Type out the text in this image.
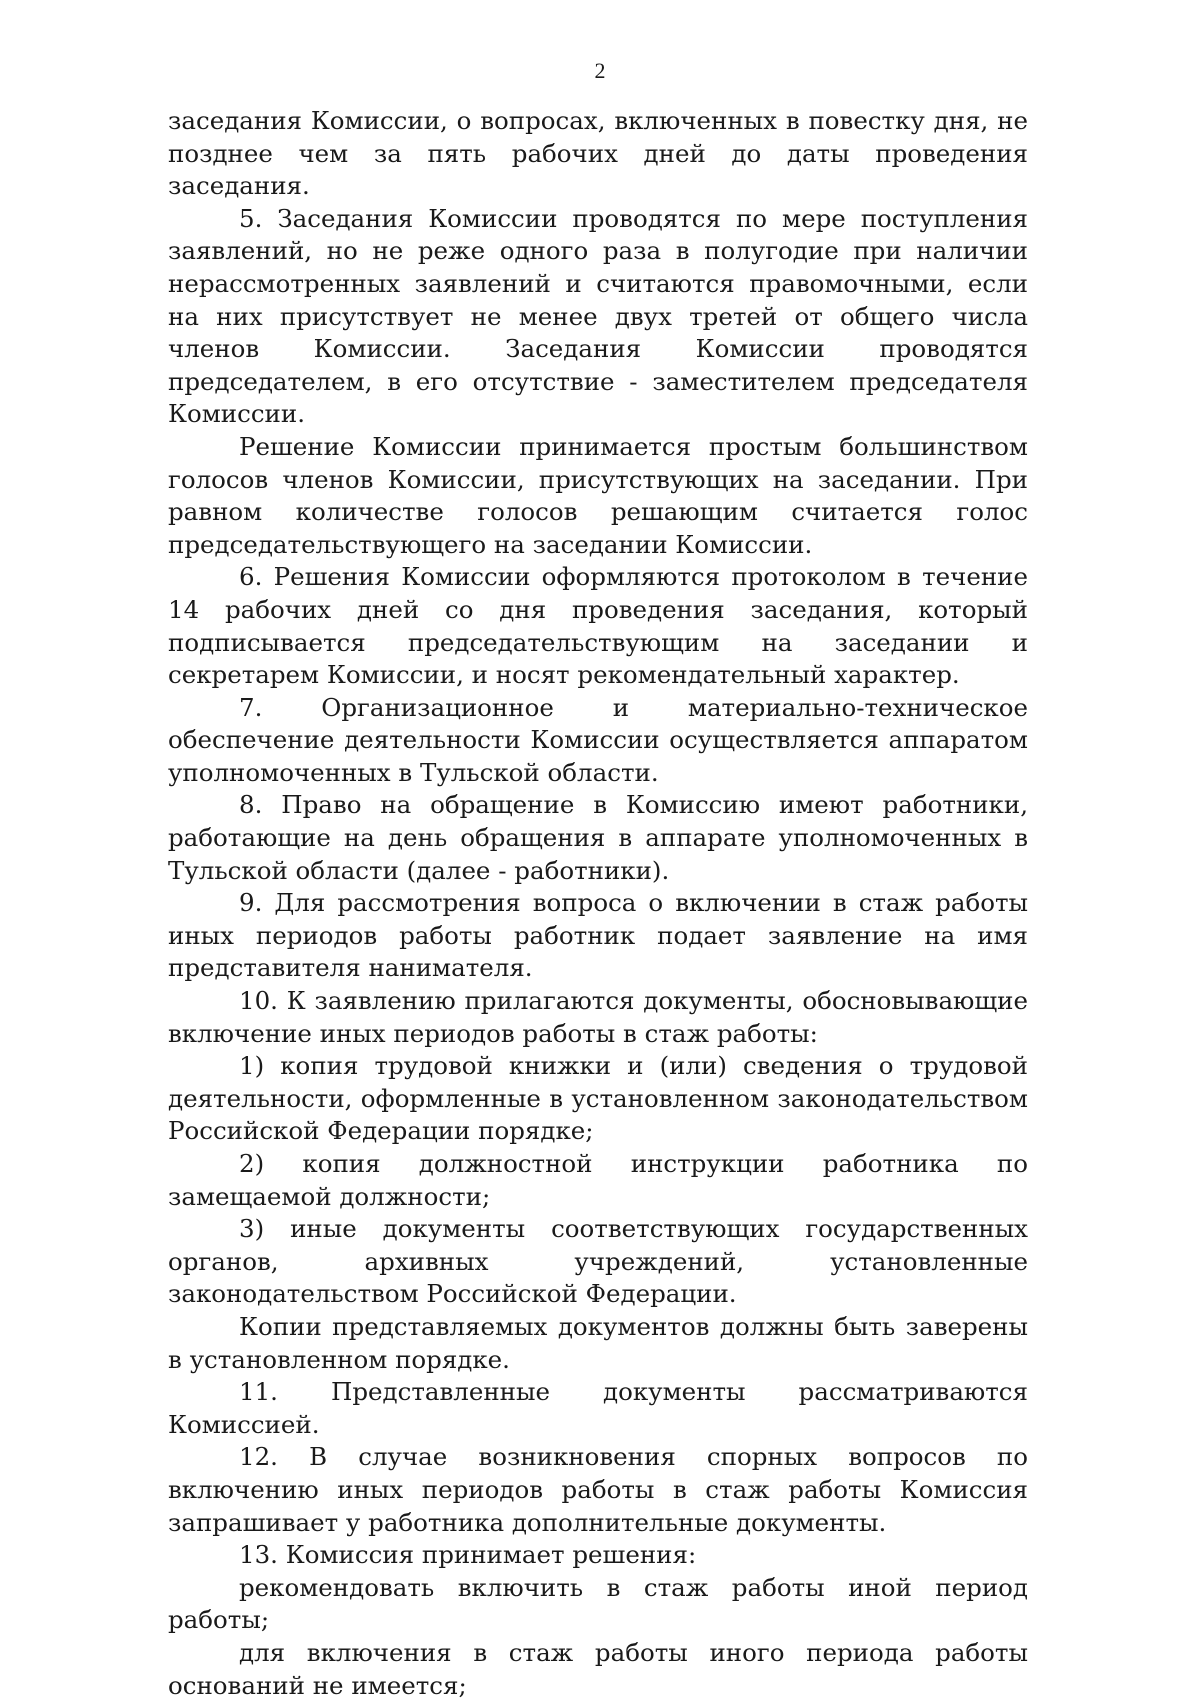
2

заседания Комиссии, о вопросах, включенных в повестку дня, не позднее чем за пять рабочих дней до даты проведения заседания.

5. Заседания Комиссии проводятся по мере поступления заявлений, но не реже одного раза в полугодие при наличии нерассмотренных заявлений и считаются правомочными, если на них присутствует не менее двух третей от общего числа членов Комиссии. Заседания Комиссии проводятся председателем, в его отсутствие - заместителем председателя Комиссии.

Решение Комиссии принимается простым большинством голосов членов Комиссии, присутствующих на заседании. При равном количестве голосов решающим считается голос председательствующего на заседании Комиссии.

6. Решения Комиссии оформляются протоколом в течение 14 рабочих дней со дня проведения заседания, который подписывается председательствующим на заседании и секретарем Комиссии, и носят рекомендательный характер.

7. Организационное и материально-техническое обеспечение деятельности Комиссии осуществляется аппаратом уполномоченных в Тульской области.

8. Право на обращение в Комиссию имеют работники, работающие на день обращения в аппарате уполномоченных в Тульской области (далее - работники).

9. Для рассмотрения вопроса о включении в стаж работы иных периодов работы работник подает заявление на имя представителя нанимателя.

10. К заявлению прилагаются документы, обосновывающие включение иных периодов работы в стаж работы:

1) копия трудовой книжки и (или) сведения о трудовой деятельности, оформленные в установленном законодательством Российской Федерации порядке;

2) копия должностной инструкции работника по замещаемой должности;

3) иные документы соответствующих государственных органов, архивных учреждений, установленные законодательством Российской Федерации.

Копии представляемых документов должны быть заверены в установленном порядке.

11. Представленные документы рассматриваются Комиссией.

12. В случае возникновения спорных вопросов по включению иных периодов работы в стаж работы Комиссия запрашивает у работника дополнительные документы.

13. Комиссия принимает решения:

рекомендовать включить в стаж работы иной период работы;

для включения в стаж работы иного периода работы оснований не имеется;
